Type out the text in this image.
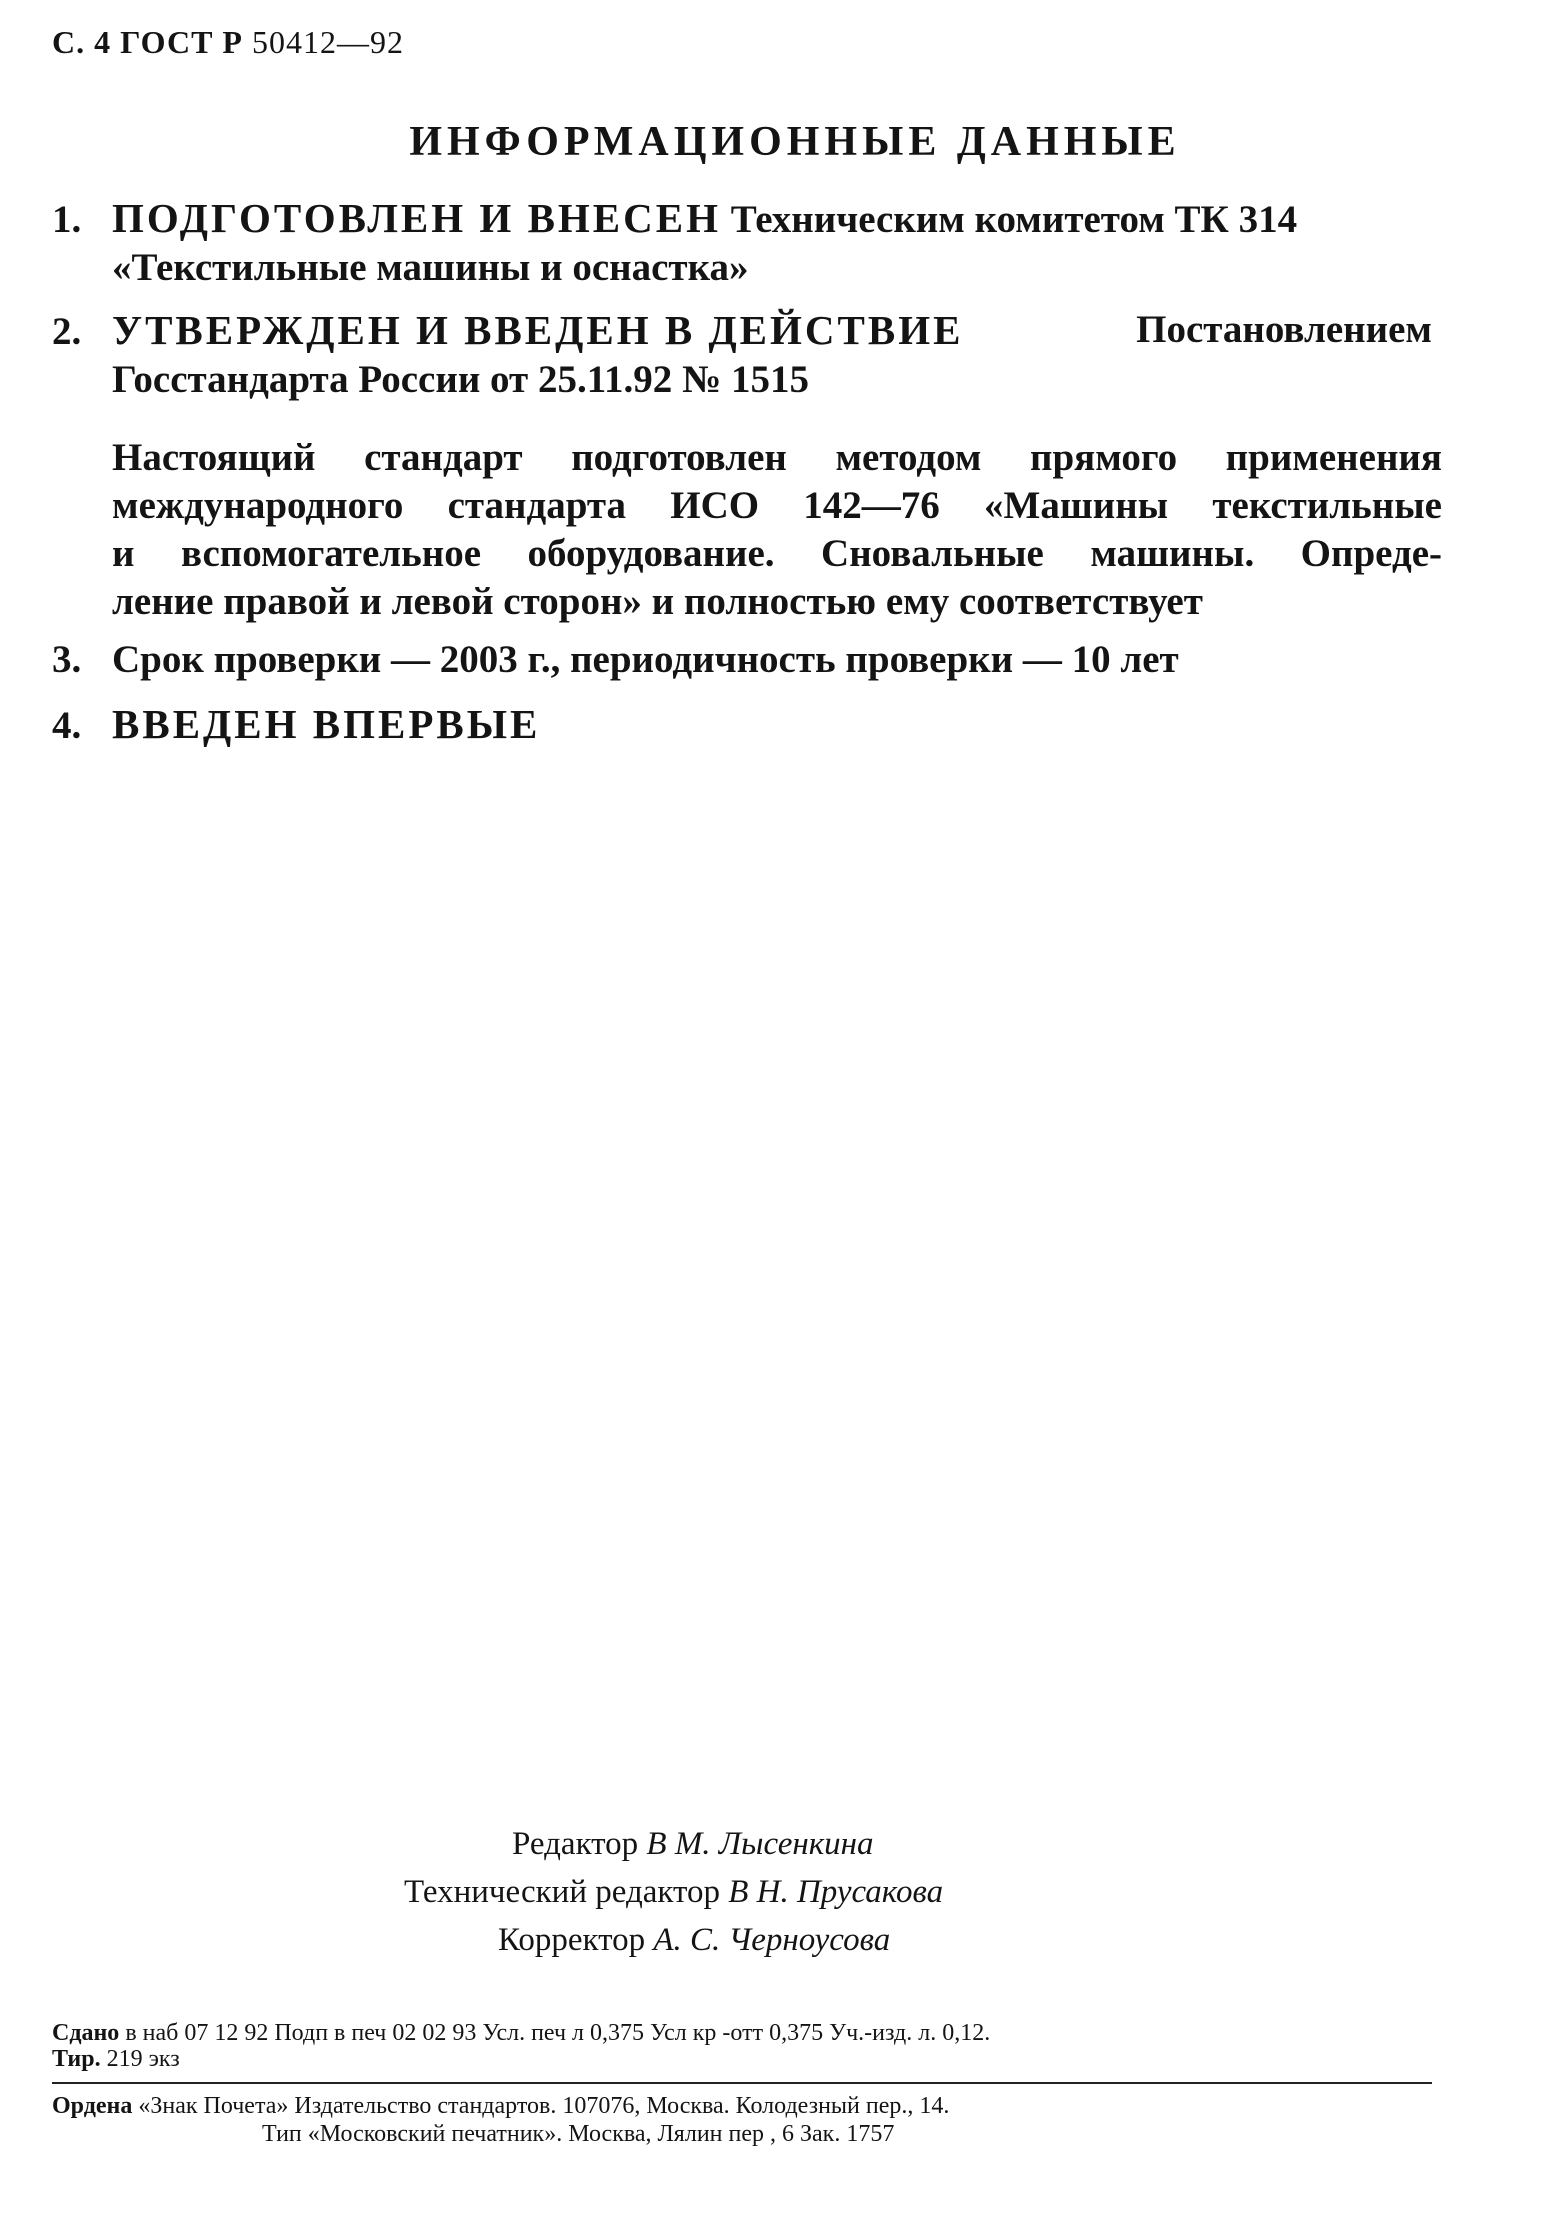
С. 4 ГОСТ Р 50412—92
ИНФОРМАЦИОННЫЕ ДАННЫЕ
1. ПОДГОТОВЛЕН И ВНЕСЕН Техническим комитетом ТК 314
«Текстильные машины и оснастка»
2. УТВЕРЖДЕН И ВВЕДЕН В ДЕЙСТВИЕ	Постановлением
Госстандарта России от 25.11.92 № 1515
Настоящий стандарт подготовлен методом прямого применения
международного стандарта ИСО 142—76 «Машины текстильные
и вспомогательное оборудование. Сновальные машины. Опреде-
ление правой и левой сторон» и полностью ему соответствует
3. Срок проверки — 2003 г., периодичность проверки — 10 лет
4. ВВЕДЕН ВПЕРВЫЕ
Редактор В М. Лысенкина
Технический редактор В Н. Прусакова
Корректор А. С. Черноусова
Сдано в наб 07 12 92 Подп в печ 02 02 93 Усл. печ л 0,375 Усл кр -отт 0,375 Уч.-изд. л. 0,12.
Тир. 219 экз
Ордена «Знак Почета» Издательство стандартов. 107076, Москва. Колодезный пер., 14.
Тип «Московский печатник». Москва, Лялин пер , 6 Зак. 1757
